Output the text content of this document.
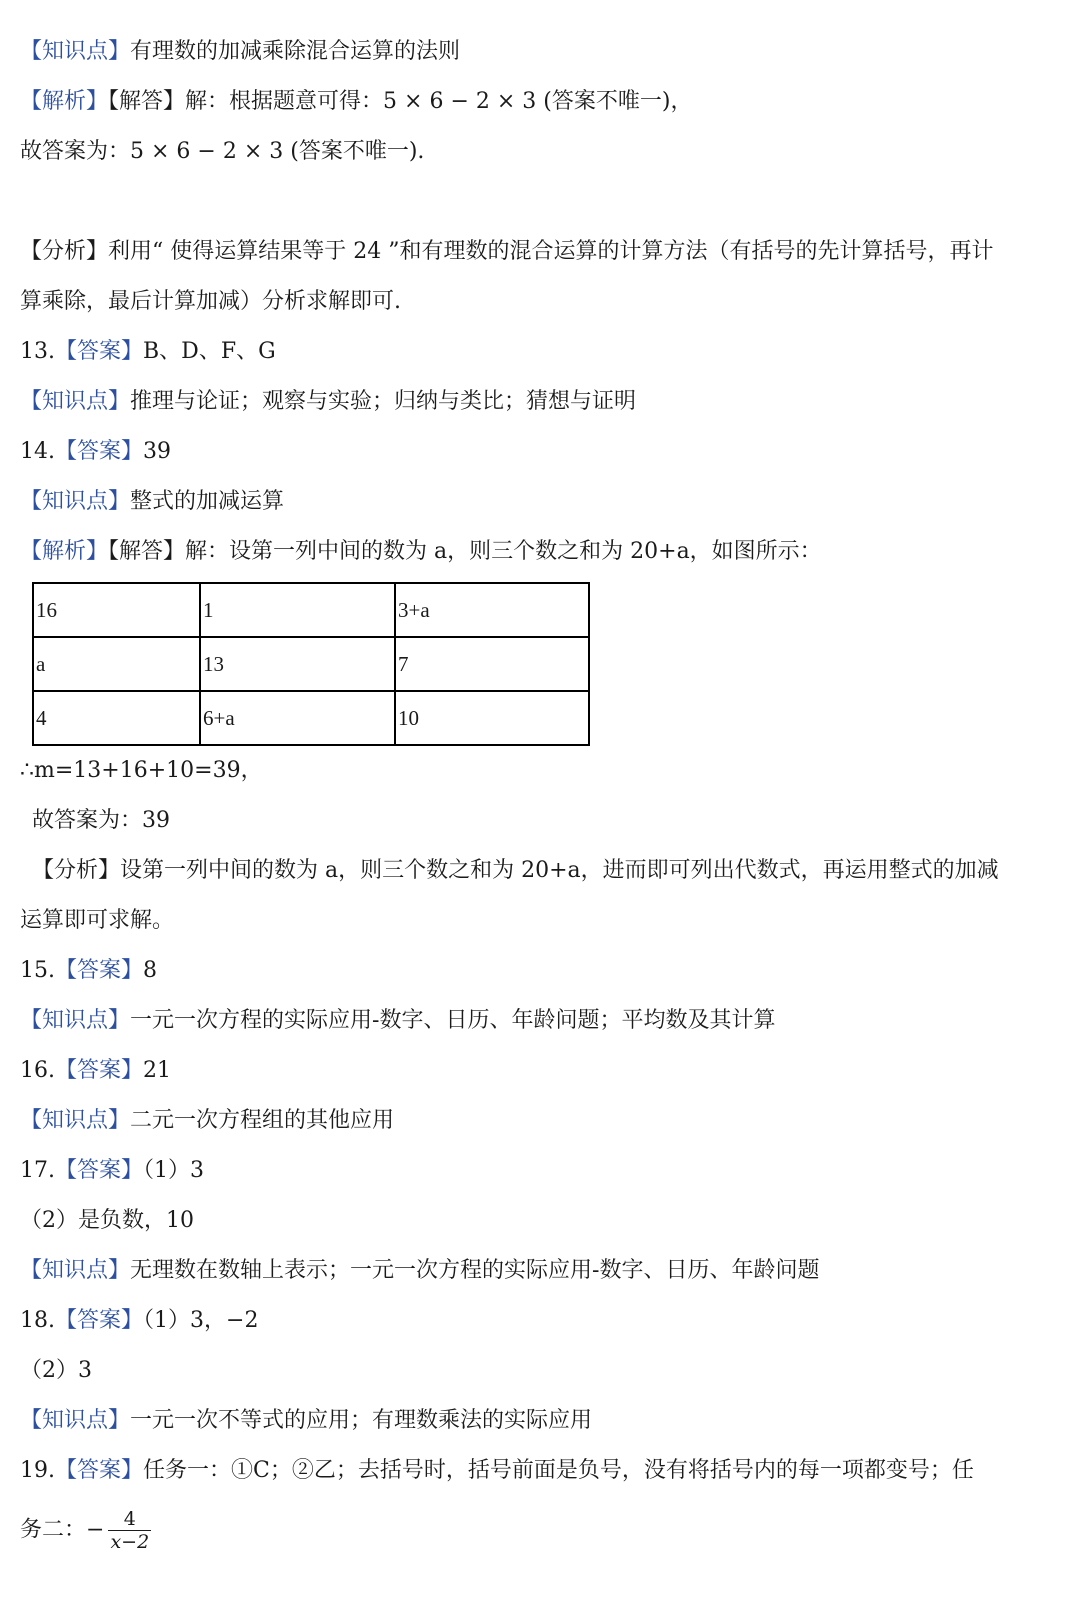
【知识点】有理数的加减乘除混合运算的法则
【解析】【解答】解：根据题意可得：5 × 6 − 2 × 3 (答案不唯一)，
故答案为：5 × 6 − 2 × 3 (答案不唯一).
【分析】利用“ 使得运算结果等于 24 ”和有理数的混合运算的计算方法（有括号的先计算括号，再计
算乘除，最后计算加减）分析求解即可.
13.【答案】B、D、F、G
【知识点】推理与论证；观察与实验；归纳与类比；猜想与证明
14.【答案】39
【知识点】整式的加减运算
【解析】【解答】解：设第一列中间的数为 a，则三个数之和为 20+a，如图所示：
16	1	3+a
a	13	7
4	6+a	10
∴m=13+16+10=39，
故答案为：39
【分析】设第一列中间的数为 a，则三个数之和为 20+a，进而即可列出代数式，再运用整式的加减
运算即可求解。
15.【答案】8
【知识点】一元一次方程的实际应用-数字、日历、年龄问题；平均数及其计算
16.【答案】21
【知识点】二元一次方程组的其他应用
17.【答案】（1）3
（2）是负数，10
【知识点】无理数在数轴上表示；一元一次方程的实际应用-数字、日历、年龄问题
18.【答案】（1）3，−2
（2）3
【知识点】一元一次不等式的应用；有理数乘法的实际应用
19.【答案】任务一：①C；②乙；去括号时，括号前面是负号，没有将括号内的每一项都变号；任
务二：− $\frac{4}{x-2}$
